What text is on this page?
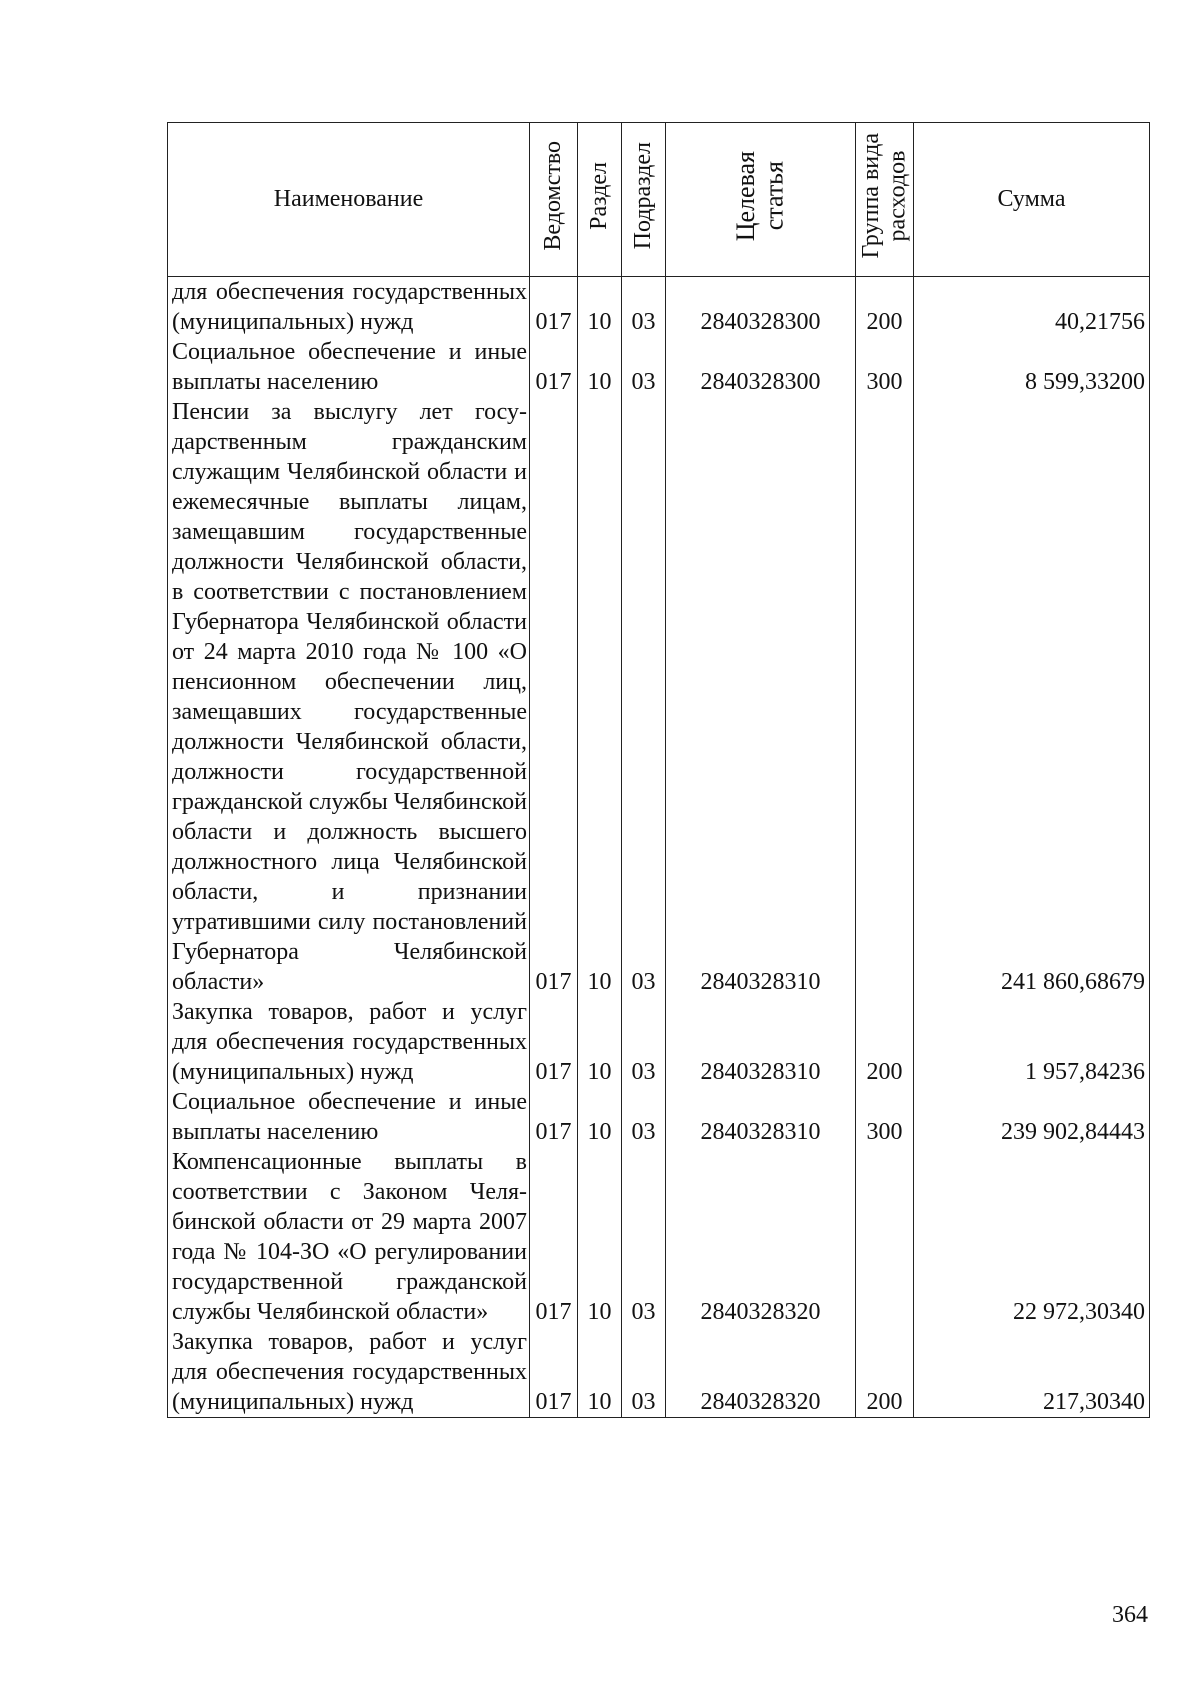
Наименование	Ведомство	Раздел	Подраздел	Целевая статья	Группа вида расходов	Сумма
для обеспечения государственных (муниципальных) нужд	017	10	03	2840328300	200	40,21756
Социальное обеспечение и иные выплаты населению	017	10	03	2840328300	300	8 599,33200
Пенсии за выслугу лет государственным гражданским служащим Челябинской области и ежемесячные выплаты лицам, замещавшим государственные должности Челябинской области, в соответствии с постановлением Губернатора Челябинской области от 24 марта 2010 года № 100 «О пенсионном обеспечении лиц, замещавших государственные должности Челябинской области, должности государственной гражданской службы Челябинской области и должность высшего должностного лица Челябинской области, и признании утратившими силу постановлений Губернатора Челябинской области»	017	10	03	2840328310		241 860,68679
Закупка товаров, работ и услуг для обеспечения государственных (муниципальных) нужд	017	10	03	2840328310	200	1 957,84236
Социальное обеспечение и иные выплаты населению	017	10	03	2840328310	300	239 902,84443
Компенсационные выплаты в соответствии с Законом Челябинской области от 29 марта 2007 года № 104-ЗО «О регулировании государственной гражданской службы Челябинской области»	017	10	03	2840328320		22 972,30340
Закупка товаров, работ и услуг для обеспечения государственных (муниципальных) нужд	017	10	03	2840328320	200	217,30340
364
